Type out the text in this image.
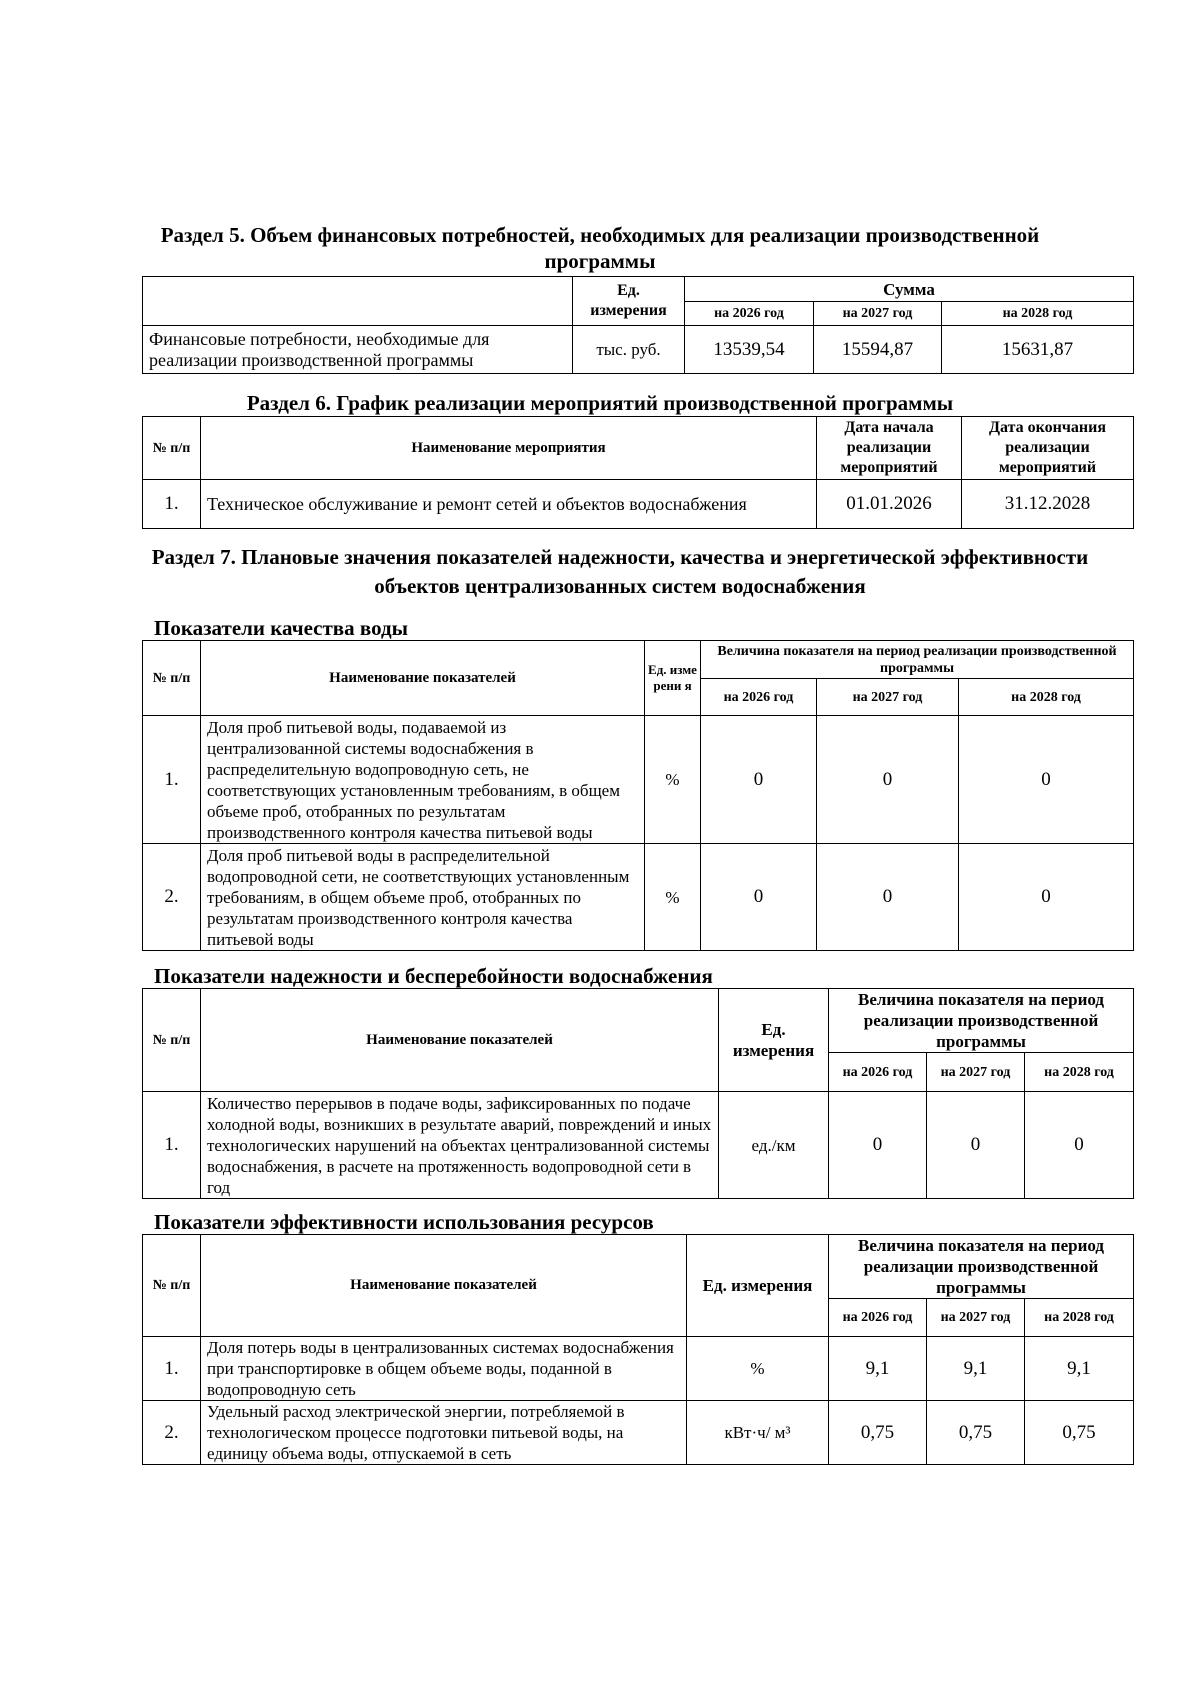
Раздел 5. Объем финансовых потребностей, необходимых для реализации производственной программы
	Ед. измерения	Сумма		
		на 2026 год	на 2027 год	на 2028 год
Финансовые потребности, необходимые для реализации производственной программы	тыс. руб.	13539,54	15594,87	15631,87
Раздел 6. График реализации мероприятий производственной программы
№ п/п	Наименование мероприятия	Дата начала реализации мероприятий	Дата окончания реализации мероприятий
1.	Техническое обслуживание и ремонт сетей и объектов водоснабжения	01.01.2026	31.12.2028
Раздел 7. Плановые значения показателей надежности, качества и энергетической эффективности объектов централизованных систем водоснабжения
Показатели качества воды
№ п/п	Наименование показателей	Ед. изме рени я	Величина показателя на период реализации производственной программы		
			на 2026 год	на 2027 год	на 2028 год
1.	Доля проб питьевой воды, подаваемой из централизованной системы водоснабжения в распределительную водопроводную сеть, не соответствующих установленным требованиям, в общем объеме проб, отобранных по результатам производственного контроля качества питьевой воды	%	0	0	0
2.	Доля проб питьевой воды в распределительной водопроводной сети, не соответствующих установленным требованиям, в общем объеме проб, отобранных по результатам производственного контроля качества питьевой воды	%	0	0	0
Показатели надежности и бесперебойности водоснабжения
№ п/п	Наименование показателей	Ед. измерения	Величина показателя на период реализации производственной программы		
			на 2026 год	на 2027 год	на 2028 год
1.	Количество перерывов в подаче воды, зафиксированных по подаче холодной воды, возникших в результате аварий, повреждений и иных технологических нарушений на объектах централизованной системы водоснабжения, в расчете на протяженность водопроводной сети в год	ед./км	0	0	0
Показатели эффективности использования ресурсов
№ п/п	Наименование показателей	Ед. измерения	Величина показателя на период реализации производственной программы		
			на 2026 год	на 2027 год	на 2028 год
1.	Доля потерь воды в централизованных системах водоснабжения при транспортировке в общем объеме воды, поданной в водопроводную сеть	%	9,1	9,1	9,1
2.	Удельный расход электрической энергии, потребляемой в технологическом процессе подготовки питьевой воды, на единицу объема воды, отпускаемой в сеть	кВт·ч/ м³	0,75	0,75	0,75
